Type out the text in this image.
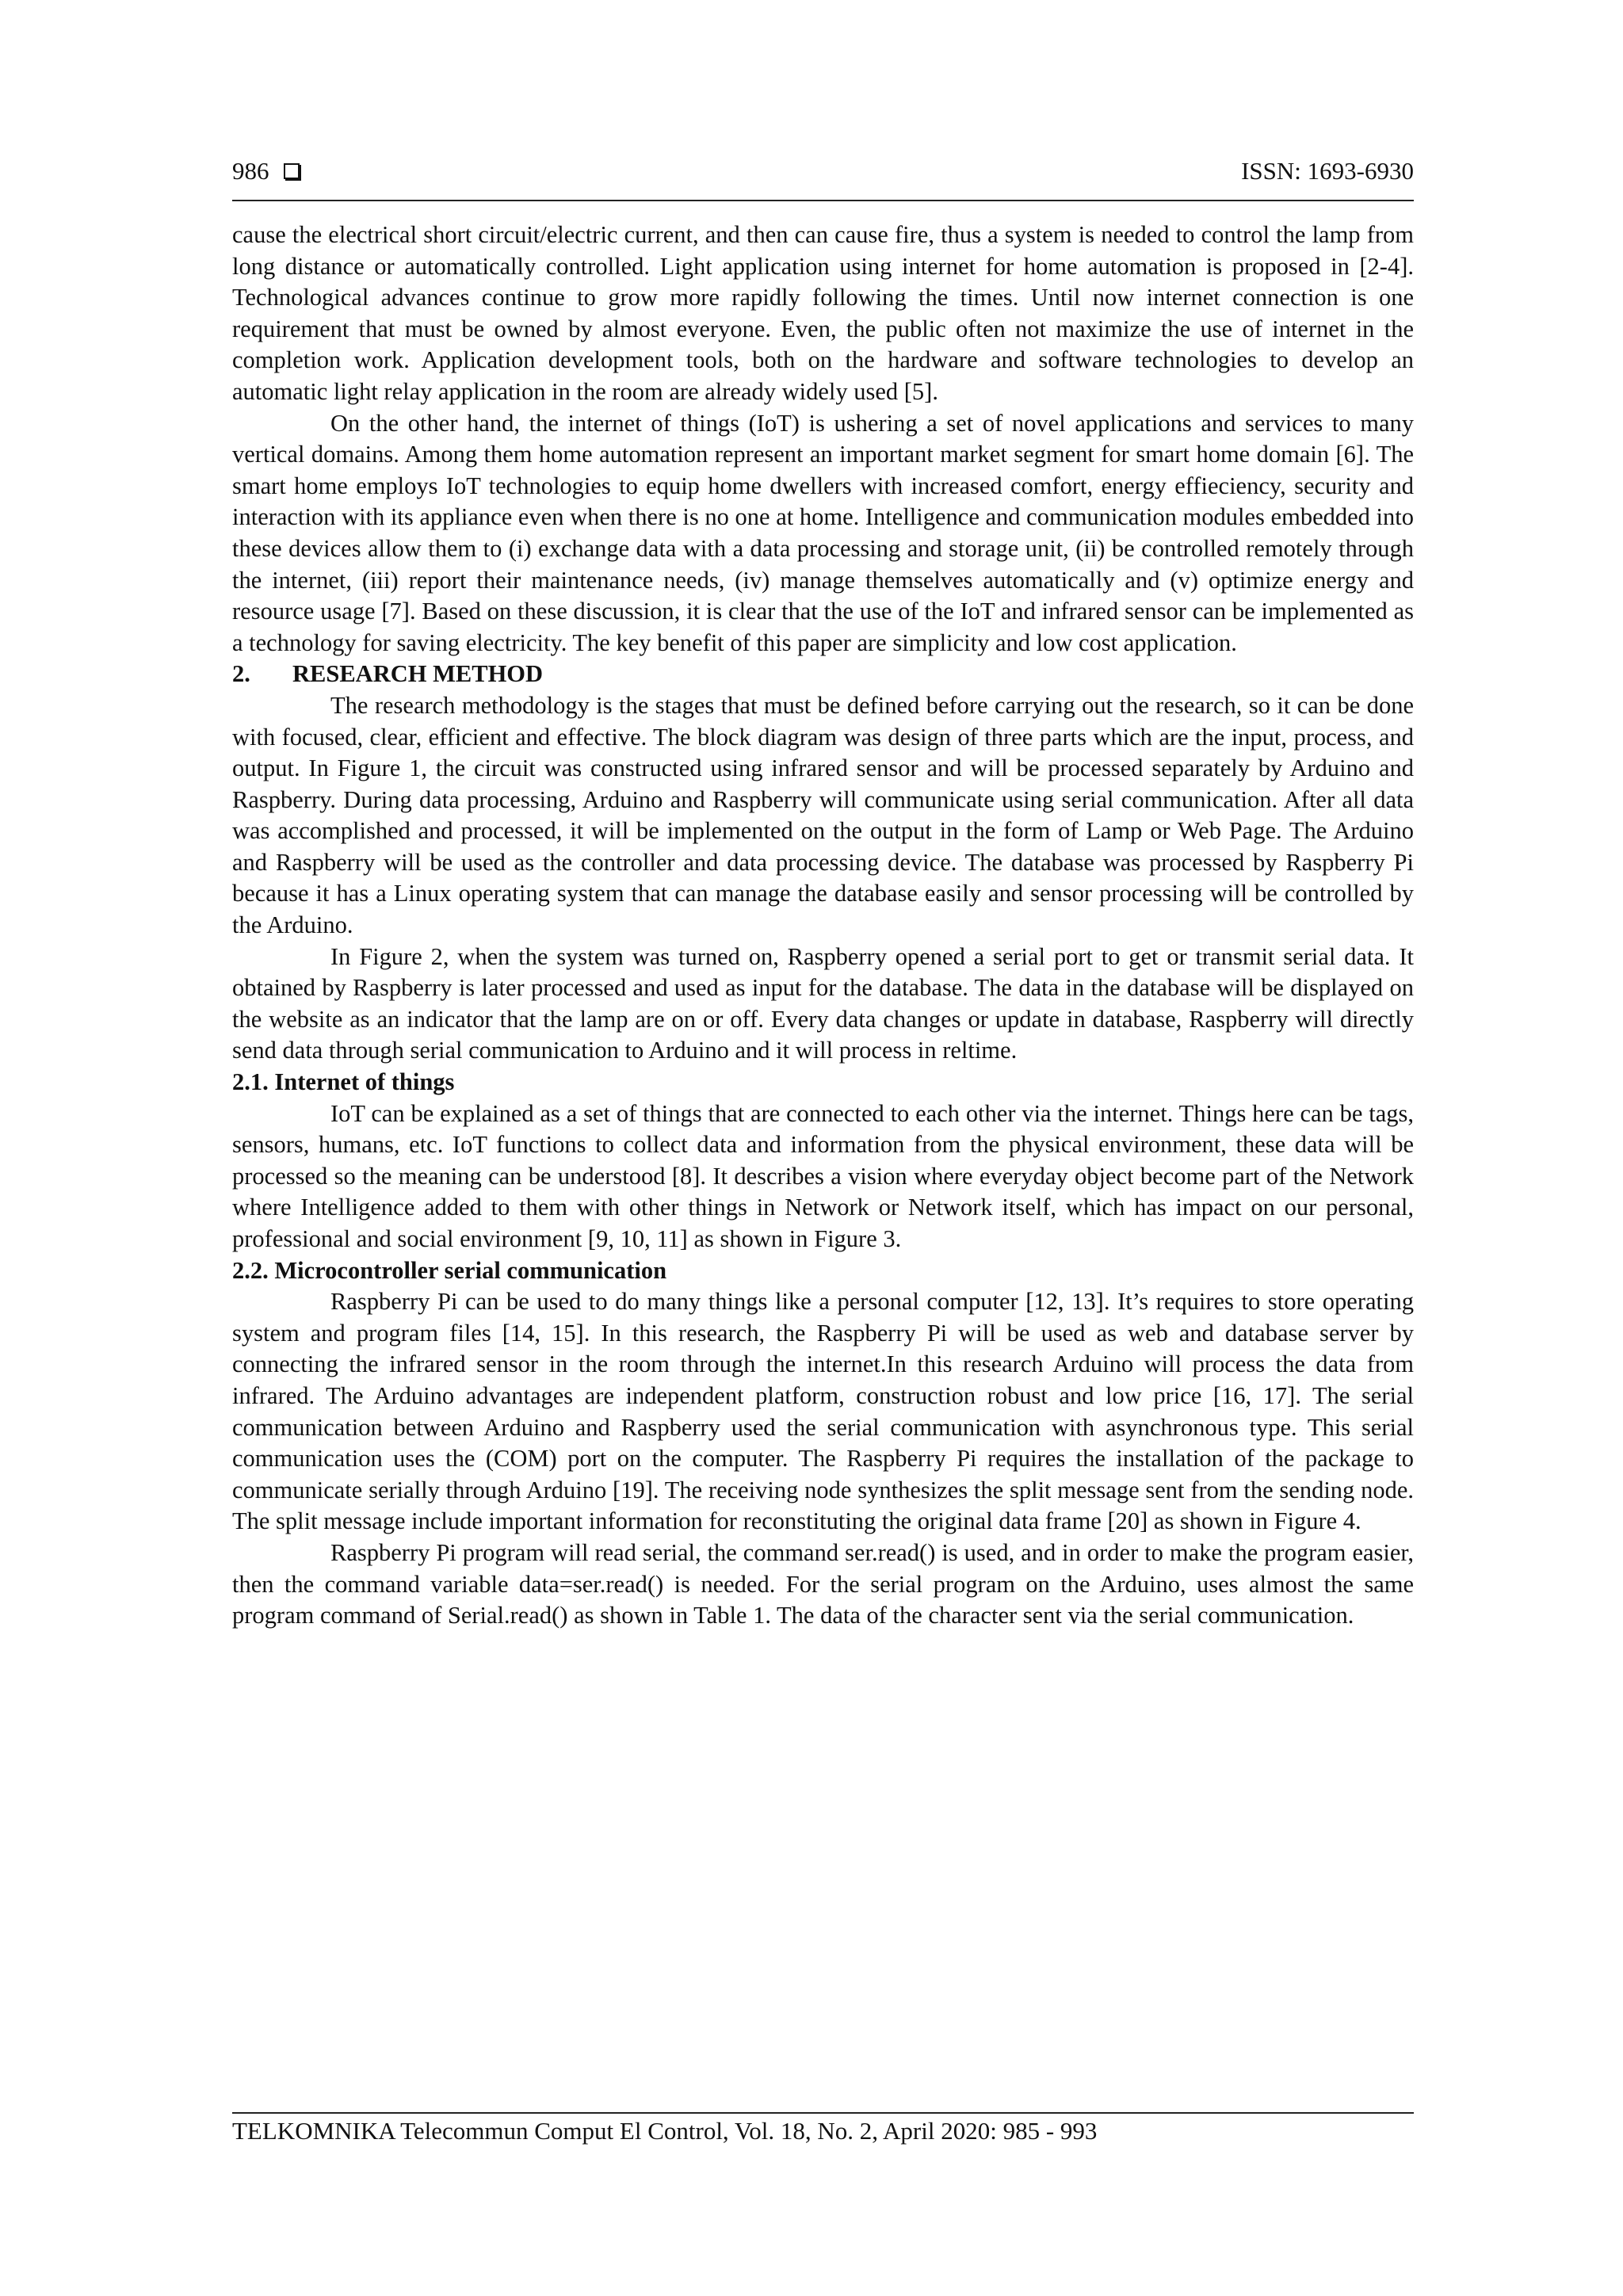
986	ISSN: 1693-6930

cause the electrical short circuit/electric current, and then can cause fire, thus a system is needed to control the lamp from long distance or automatically controlled. Light application using internet for home automation is proposed in [2-4]. Technological advances continue to grow more rapidly following the times. Until now internet connection is one requirement that must be owned by almost everyone. Even, the public often not maximize the use of internet in the completion work. Application development tools, both on the hardware and software technologies to develop an automatic light relay application in the room are already widely used [5].

On the other hand, the internet of things (IoT) is ushering a set of novel applications and services to many vertical domains. Among them home automation represent an important market segment for smart home domain [6]. The smart home employs IoT technologies to equip home dwellers with increased comfort, energy effieciency, security and interaction with its appliance even when there is no one at home. Intelligence and communication modules embedded into these devices allow them to (i) exchange data with a data processing and storage unit, (ii) be controlled remotely through the internet, (iii) report their maintenance needs, (iv) manage themselves automatically and (v) optimize energy and resource usage [7]. Based on these discussion, it is clear that the use of the IoT and infrared sensor can be implemented as a technology for saving electricity. The key benefit of this paper are simplicity and low cost application.

2. RESEARCH METHOD

The research methodology is the stages that must be defined before carrying out the research, so it can be done with focused, clear, efficient and effective. The block diagram was design of three parts which are the input, process, and output. In Figure 1, the circuit was constructed using infrared sensor and will be processed separately by Arduino and Raspberry. During data processing, Arduino and Raspberry will communicate using serial communication. After all data was accomplished and processed, it will be implemented on the output in the form of Lamp or Web Page. The Arduino and Raspberry will be used as the controller and data processing device. The database was processed by Raspberry Pi because it has a Linux operating system that can manage the database easily and sensor processing will be controlled by the Arduino.

In Figure 2, when the system was turned on, Raspberry opened a serial port to get or transmit serial data. It obtained by Raspberry is later processed and used as input for the database. The data in the database will be displayed on the website as an indicator that the lamp are on or off. Every data changes or update in database, Raspberry will directly send data through serial communication to Arduino and it will process in reltime.

2.1. Internet of things

IoT can be explained as a set of things that are connected to each other via the internet. Things here can be tags, sensors, humans, etc. IoT functions to collect data and information from the physical environment, these data will be processed so the meaning can be understood [8]. It describes a vision where everyday object become part of the Network where Intelligence added to them with other things in Network or Network itself, which has impact on our personal, professional and social environment [9, 10, 11] as shown in Figure 3.

2.2. Microcontroller serial communication

Raspberry Pi can be used to do many things like a personal computer [12, 13]. It’s requires to store operating system and program files [14, 15]. In this research, the Raspberry Pi will be used as web and database server by connecting the infrared sensor in the room through the internet.In this research Arduino will process the data from infrared. The Arduino advantages are independent platform, construction robust and low price [16, 17]. The serial communication between Arduino and Raspberry used the serial communication with asynchronous type. This serial communication uses the (COM) port on the computer. The Raspberry Pi requires the installation of the package to communicate serially through Arduino [19]. The receiving node synthesizes the split message sent from the sending node. The split message include important information for reconstituting the original data frame [20] as shown in Figure 4.

Raspberry Pi program will read serial, the command ser.read() is used, and in order to make the program easier, then the command variable data=ser.read() is needed. For the serial program on the Arduino, uses almost the same program command of Serial.read() as shown in Table 1. The data of the character sent via the serial communication.

TELKOMNIKA Telecommun Comput El Control, Vol. 18, No. 2, April 2020: 985 - 993
